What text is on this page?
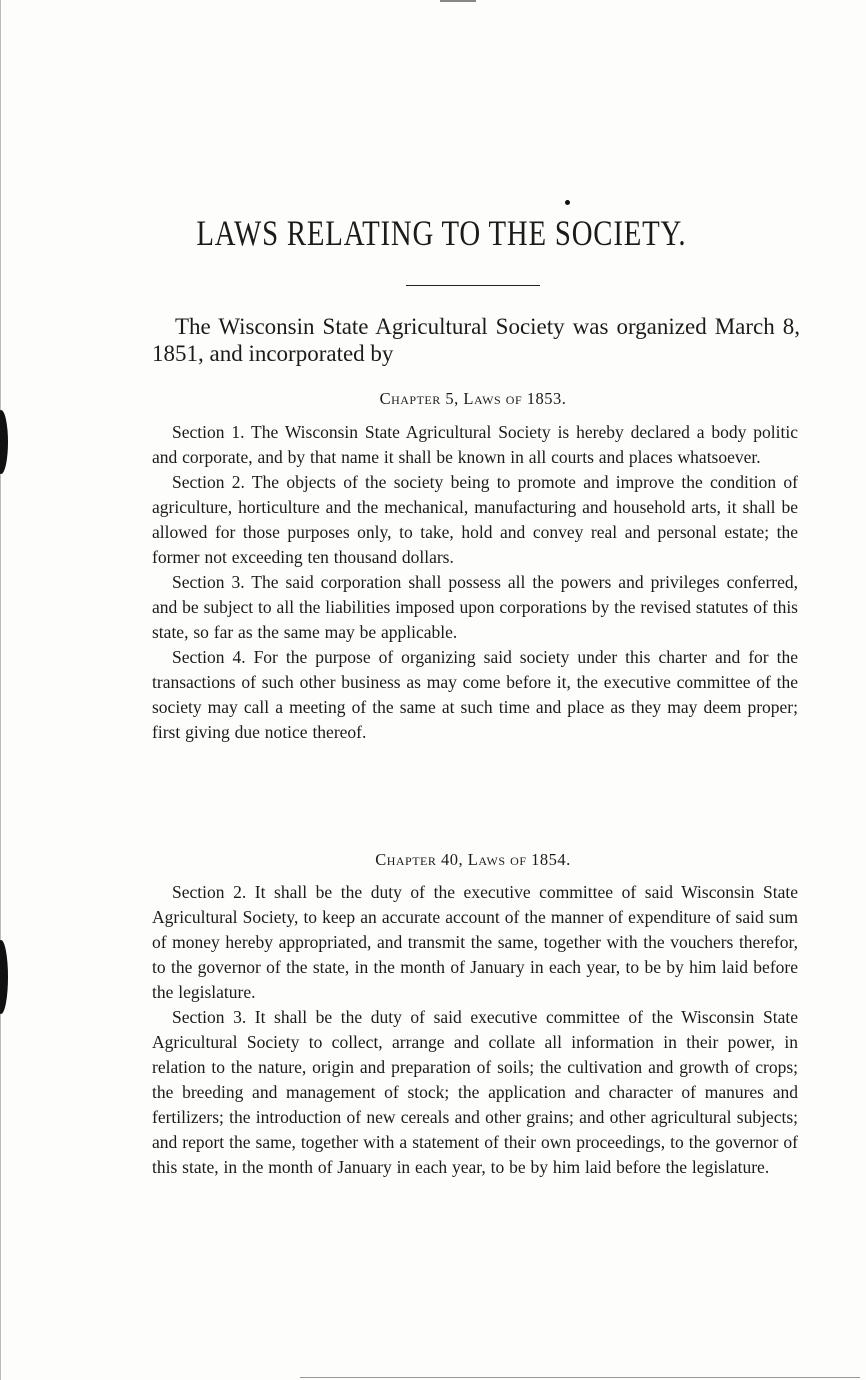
LAWS RELATING TO THE SOCIETY.
The Wisconsin State Agricultural Society was organized March 8, 1851, and incorporated by
Chapter 5, Laws of 1853.

Section 1. The Wisconsin State Agricultural Society is hereby declared a body politic and corporate, and by that name it shall be known in all courts and places whatsoever.

Section 2. The objects of the society being to promote and improve the condition of agriculture, horticulture and the mechanical, manufacturing and household arts, it shall be allowed for those purposes only, to take, hold and convey real and personal estate; the former not exceeding ten thousand dollars.

Section 3. The said corporation shall possess all the powers and privileges conferred, and be subject to all the liabilities imposed upon corporations by the revised statutes of this state, so far as the same may be applicable.

Section 4. For the purpose of organizing said society under this charter and for the transactions of such other business as may come before it, the executive committee of the society may call a meeting of the same at such time and place as they may deem proper; first giving due notice thereof.

Chapter 40, Laws of 1854.

Section 2. It shall be the duty of the executive committee of said Wisconsin State Agricultural Society, to keep an accurate account of the manner of expenditure of said sum of money hereby appropriated, and transmit the same, together with the vouchers therefor, to the governor of the state, in the month of January in each year, to be by him laid before the legislature.

Section 3. It shall be the duty of said executive committee of the Wisconsin State Agricultural Society to collect, arrange and collate all information in their power, in relation to the nature, origin and preparation of soils; the cultivation and growth of crops; the breeding and management of stock; the application and character of manures and fertilizers; the introduction of new cereals and other grains; and other agricultural subjects; and report the same, together with a statement of their own proceedings, to the governor of this state, in the month of January in each year, to be by him laid before the legislature.
